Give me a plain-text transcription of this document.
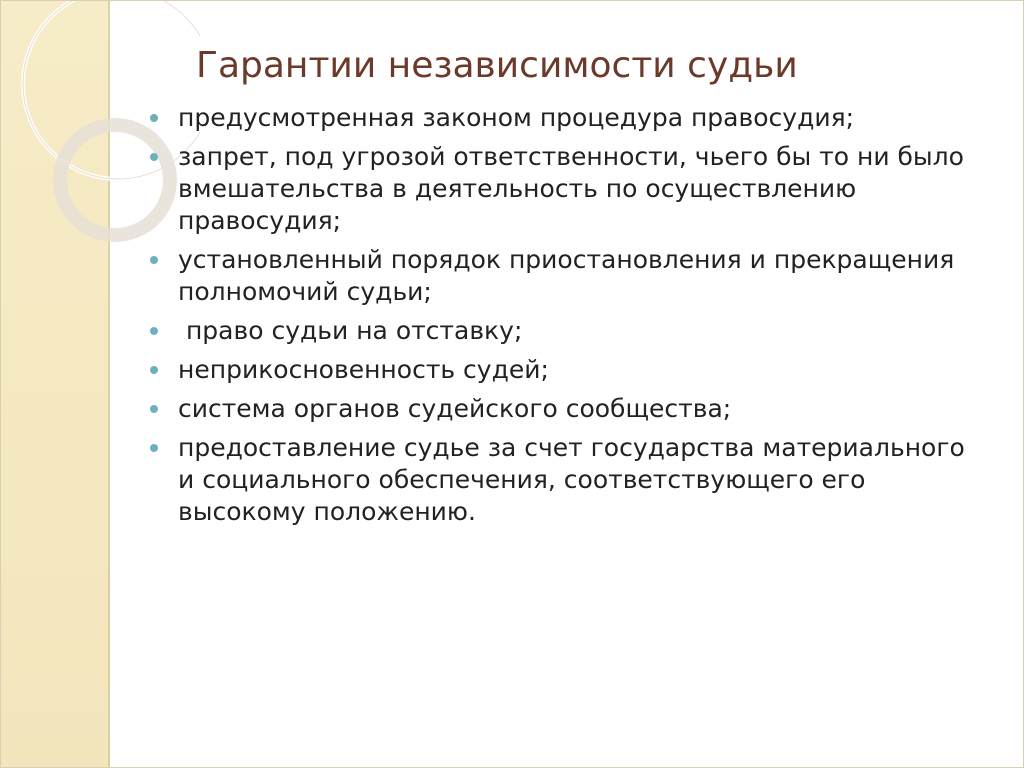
Гарантии независимости судьи
предусмотренная законом процедура правосудия;
запрет, под угрозой ответственности, чьего бы то ни было вмешательства в деятельность по осуществлению правосудия;
установленный порядок приостановления и прекращения полномочий судьи;
право судьи на отставку;
неприкосновенность судей;
система органов судейского сообщества;
предоставление судье за счет государства материального и социального обеспечения, соответствующего его высокому положению.
